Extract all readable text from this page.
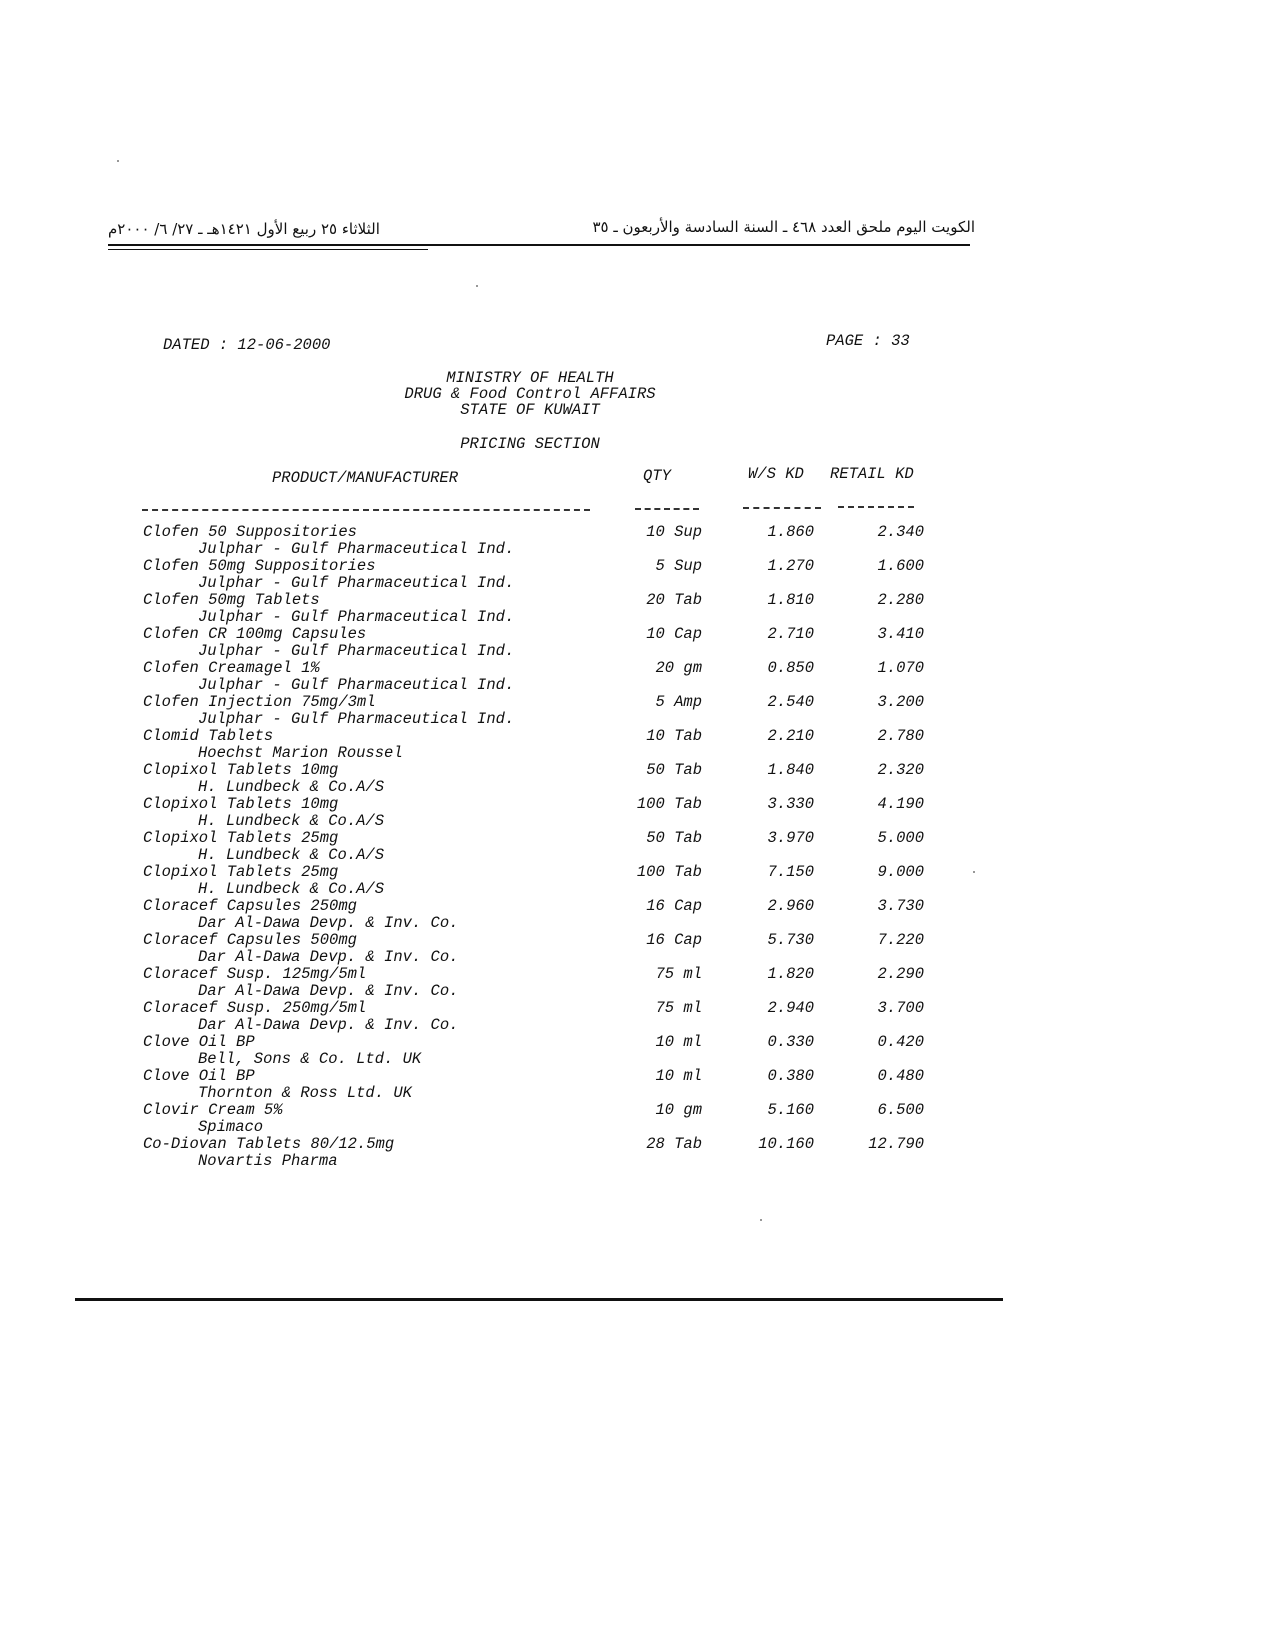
الكويت اليوم ملحق العدد ٤٦٨ ـ السنة السادسة والأربعون ـ ٣٥
الثلاثاء ٢٥ ربيع الأول ١٤٢١هـ ـ ٢٧/ ٦/ ٢٠٠٠م
DATED : 12-06-2000	PAGE : 33
MINISTRY OF HEALTH
DRUG & Food Control AFFAIRS
STATE OF KUWAIT
PRICING SECTION
PRODUCT/MANUFACTURER	QTY	W/S KD RETAIL KD
Clofen 50 Suppositories
Julphar - Gulf Pharmaceutical Ind.
10 Sup	1.860	2.340
Clofen 50mg Suppositories
Julphar - Gulf Pharmaceutical Ind.
5 Sup	1.270	1.600
Clofen 50mg Tablets
Julphar - Gulf Pharmaceutical Ind.
20 Tab	1.810	2.280
Clofen CR 100mg Capsules
Julphar - Gulf Pharmaceutical Ind.
10 Cap	2.710	3.410
Clofen Creamagel 1%
Julphar - Gulf Pharmaceutical Ind.
20 gm	0.850	1.070
Clofen Injection 75mg/3ml
Julphar - Gulf Pharmaceutical Ind.
5 Amp	2.540	3.200
Clomid Tablets
Hoechst Marion Roussel
10 Tab	2.210	2.780
Clopixol Tablets 10mg
H. Lundbeck & Co.A/S
50 Tab	1.840	2.320
Clopixol Tablets 10mg
H. Lundbeck & Co.A/S
100 Tab	3.330	4.190
Clopixol Tablets 25mg
H. Lundbeck & Co.A/S
50 Tab	3.970	5.000
Clopixol Tablets 25mg
H. Lundbeck & Co.A/S
100 Tab	7.150	9.000
Cloracef Capsules 250mg
Dar Al-Dawa Devp. & Inv. Co.
16 Cap	2.960	3.730
Cloracef Capsules 500mg
Dar Al-Dawa Devp. & Inv. Co.
16 Cap	5.730	7.220
Cloracef Susp. 125mg/5ml
Dar Al-Dawa Devp. & Inv. Co.
75 ml	1.820	2.290
Cloracef Susp. 250mg/5ml
Dar Al-Dawa Devp. & Inv. Co.
75 ml	2.940	3.700
Clove Oil BP
Bell, Sons & Co. Ltd. UK
10 ml	0.330	0.420
Clove Oil BP
Thornton & Ross Ltd. UK
10 ml	0.380	0.480
Clovir Cream 5%
Spimaco
10 gm	5.160	6.500
Co-Diovan Tablets 80/12.5mg
Novartis Pharma
28 Tab	10.160	12.790
